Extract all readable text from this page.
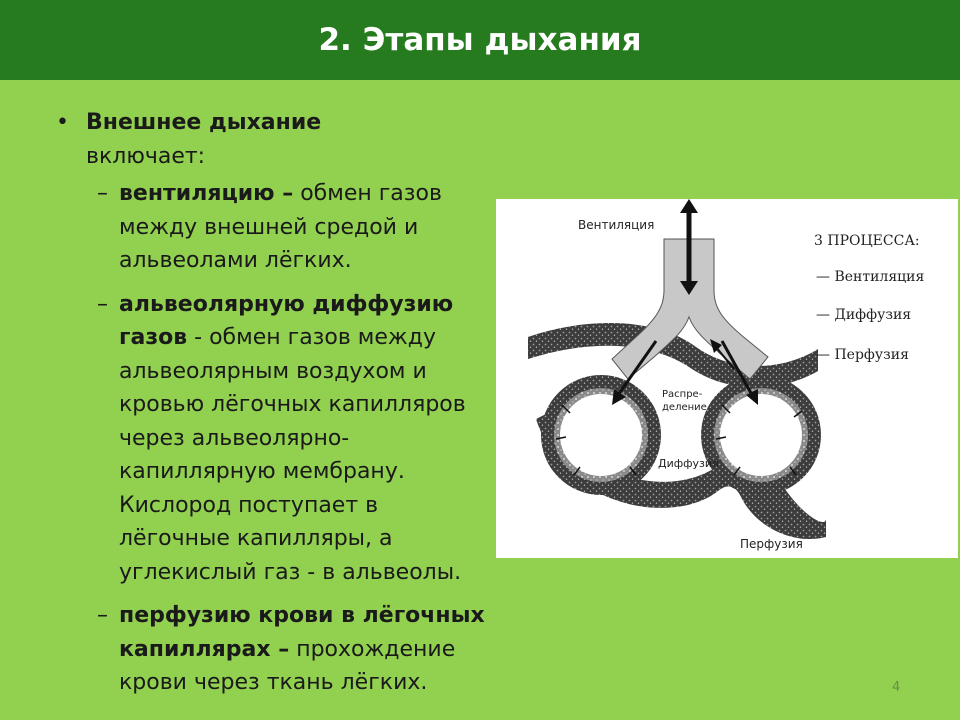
2. Этапы дыхания
• Внешнее дыхание
включает:
– вентиляцию – обмен газов между внешней средой и альвеолами лёгких.
– альвеолярную диффузию газов - обмен газов между альвеолярным воздухом и кровью лёгочных капилляров через альвеолярно-капиллярную мембрану. Кислород поступает в лёгочные капилляры, а углекислый газ - в альвеолы.
– перфузию крови в лёгочных капиллярах – прохождение крови через ткань лёгких.
Вентиляция
Распре-
деление
Диффузия
Перфузия
3 ПРОЦЕССА:
— Вентиляция
— Диффузия
— Перфузия
4
